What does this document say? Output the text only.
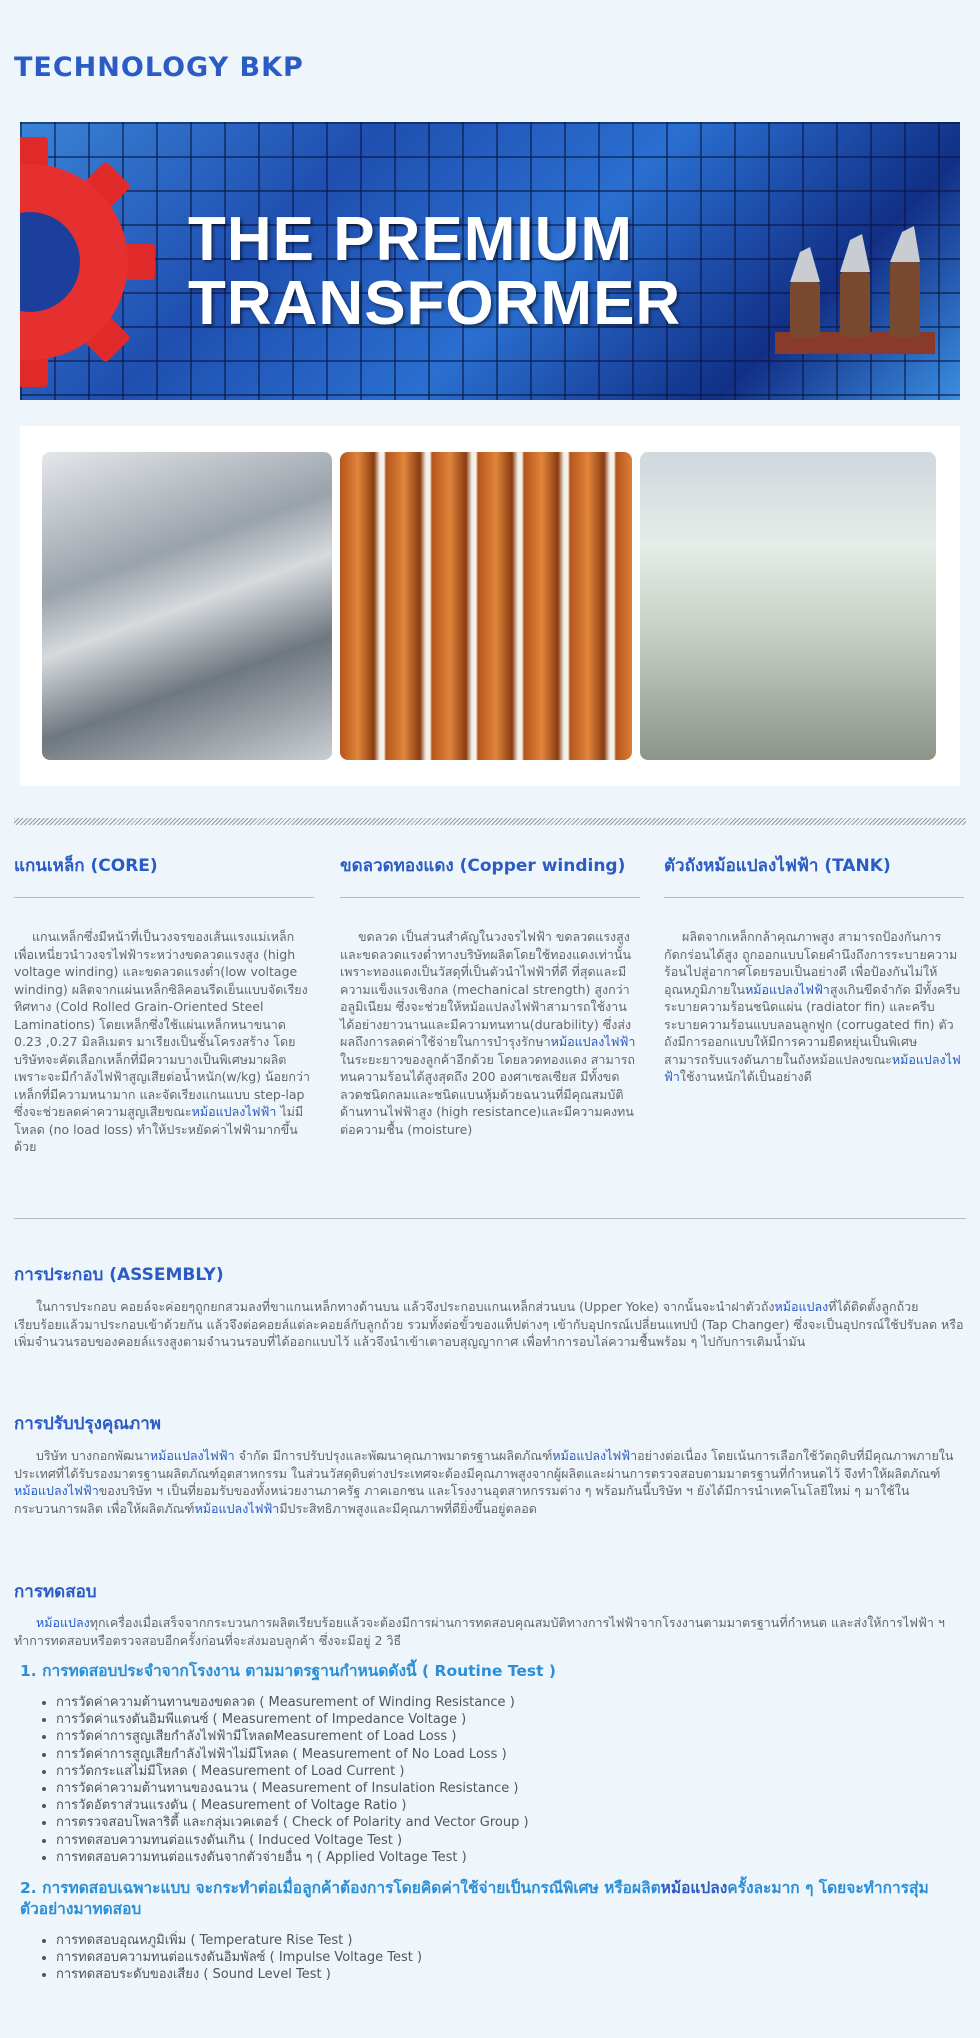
TECHNOLOGY BKP
THE PREMIUM
TRANSFORMER
แกนเหล็ก (CORE)

แกนเหล็กซึ่งมีหน้าที่เป็นวงจรของเส้นแรงแม่เหล็ก เพื่อเหนี่ยวนำวงจรไฟฟ้าระหว่างขดลวดแรงสูง (high voltage winding) และขดลวดแรงต่ำ(low voltage winding) ผลิตจากแผ่นเหล็กซิลิคอนรีดเย็นแบบจัดเรียงทิศทาง (Cold Rolled Grain-Oriented Steel Laminations) โดยเหล็กซึ่งใช้แผ่นเหล็กหนาขนาด 0.23 ,0.27 มิลลิเมตร มาเรียงเป็นชั้นโครงสร้าง โดยบริษัทจะคัดเลือกเหล็กที่มีความบางเป็นพิเศษมาผลิต เพราะจะมีกำลังไฟฟ้าสูญเสียต่อน้ำหนัก(w/kg) น้อยกว่าเหล็กที่มีความหนามาก และจัดเรียงแกนแบบ step-lap ซึ่งจะช่วยลดค่าความสูญเสียขณะหม้อแปลงไฟฟ้า ไม่มีโหลด (no load loss) ทำให้ประหยัดค่าไฟฟ้ามากขึ้นด้วย

ขดลวดทองแดง (Copper winding)

ขดลวด เป็นส่วนสำคัญในวงจรไฟฟ้า ขดลวดแรงสูงและขดลวดแรงต่ำทางบริษัทผลิตโดยใช้ทองแดงเท่านั้น เพราะทองแดงเป็นวัสดุที่เป็นตัวนำไฟฟ้าที่ดี ที่สุดและมีความแข็งแรงเชิงกล (mechanical strength) สูงกว่าอลูมิเนียม ซึ่งจะช่วยให้หม้อแปลงไฟฟ้าสามารถใช้งานได้อย่างยาวนานและมีความทนทาน(durability) ซึ่งส่งผลถึงการลดค่าใช้จ่ายในการบำรุงรักษาหม้อแปลงไฟฟ้าในระยะยาวของลูกค้าอีกด้วย โดยลวดทองแดง สามารถทนความร้อนได้สูงสุดถึง 200 องศาเซลเซียส มีทั้งขดลวดชนิดกลมและชนิดแบนหุ้มด้วยฉนวนที่มีคุณสมบัติด้านทานไฟฟ้าสูง (high resistance)และมีความคงทนต่อความชื้น (moisture)

ตัวถังหม้อแปลงไฟฟ้า (TANK)

ผลิตจากเหล็กกล้าคุณภาพสูง สามารถป้องกันการกัดกร่อนได้สูง ถูกออกแบบโดยคำนึงถึงการระบายความร้อนไปสู่อากาศโดยรอบเป็นอย่างดี เพื่อป้องกันไม่ให้อุณหภูมิภายในหม้อแปลงไฟฟ้าสูงเกินขีดจำกัด มีทั้งครีบระบายความร้อนชนิดแผ่น (radiator fin) และครีบระบายความร้อนแบบลอนลูกฟูก (corrugated fin) ตัวถังมีการออกแบบให้มีการความยืดหยุ่นเป็นพิเศษ สามารถรับแรงดันภายในถังหม้อแปลงขณะหม้อแปลงไฟฟ้าใช้งานหนักได้เป็นอย่างดี

การประกอบ (ASSEMBLY)

ในการประกอบ คอยล์จะค่อยๆถูกยกสวมลงที่ขาแกนเหล็กทางด้านบน แล้วจึงประกอบแกนเหล็กส่วนบน (Upper Yoke) จากนั้นจะนำฝาตัวถังหม้อแปลงที่ได้ติดตั้งลูกถ้วยเรียบร้อยแล้วมาประกอบเข้าด้วยกัน แล้วจึงต่อคอยล์แต่ละคอยล์กับลูกถ้วย รวมทั้งต่อขั้วของแท็ปต่างๆ เข้ากับอุปกรณ์เปลี่ยนแทปป์ (Tap Changer) ซึ่งจะเป็นอุปกรณ์ใช้ปรับลด หรือเพิ่มจำนวนรอบของคอยล์แรงสูงตามจำนวนรอบที่ได้ออกแบบไว้ แล้วจึงนำเข้าเตาอบสุญญากาศ เพื่อทำการอบไล่ความชื้นพร้อม ๆ ไปกับการเติมน้ำมัน

การปรับปรุงคุณภาพ

บริษัท บางกอกพัฒนาหม้อแปลงไฟฟ้า จำกัด มีการปรับปรุงและพัฒนาคุณภาพมาตรฐานผลิตภัณฑ์หม้อแปลงไฟฟ้าอย่างต่อเนื่อง โดยเน้นการเลือกใช้วัตถุดิบที่มีคุณภาพภายในประเทศที่ได้รับรองมาตรฐานผลิตภัณฑ์อุตสาหกรรม ในส่วนวัสดุดิบต่างประเทศจะต้องมีคุณภาพสูงจากผู้ผลิตและผ่านการตรวจสอบตามมาตรฐานที่กำหนดไว้ จึงทำให้ผลิตภัณฑ์หม้อแปลงไฟฟ้าของบริษัท ฯ เป็นที่ยอมรับของทั้งหน่วยงานภาครัฐ ภาคเอกชน และโรงงานอุตสาหกรรมต่าง ๆ พร้อมกันนี้บริษัท ฯ ยังได้มีการนำเทคโนโลยีใหม่ ๆ มาใช้ในกระบวนการผลิต เพื่อให้ผลิตภัณฑ์หม้อแปลงไฟฟ้ามีประสิทธิภาพสูงและมีคุณภาพที่ดียิ่งขึ้นอยู่ตลอด

การทดสอบ

หม้อแปลงทุกเครื่องเมื่อเสร็จจากกระบวนการผลิตเรียบร้อยแล้วจะต้องมีการผ่านการทดสอบคุณสมบัติทางการไฟฟ้าจากโรงงานตามมาตรฐานที่กำหนด และส่งให้การไฟฟ้า ฯ ทำการทดสอบหรือตรวจสอบอีกครั้งก่อนที่จะส่งมอบลูกค้า ซึ่งจะมีอยู่ 2 วิธี

1. การทดสอบประจำจากโรงงาน ตามมาตรฐานกำหนดดังนี้ ( Routine Test )
• การวัดค่าความต้านทานของขดลวด ( Measurement of Winding Resistance )
• การวัดค่าแรงดันอิมพีแดนซ์ ( Measurement of Impedance Voltage )
• การวัดค่าการสูญเสียกำลังไฟฟ้ามีโหลดMeasurement of Load Loss )
• การวัดค่าการสูญเสียกำลังไฟฟ้าไม่มีโหลด ( Measurement of No Load Loss )
• การวัดกระแสไม่มีโหลด ( Measurement of Load Current )
• การวัดค่าความต้านทานของฉนวน ( Measurement of Insulation Resistance )
• การวัดอัตราส่วนแรงดัน ( Measurement of Voltage Ratio )
• การตรวจสอบโพลาริตี้ และกลุ่มเวคเตอร์ ( Check of Polarity and Vector Group )
• การทดสอบความทนต่อแรงดันเกิน ( Induced Voltage Test )
• การทดสอบความทนต่อแรงดันจากตัวจ่ายอื่น ๆ ( Applied Voltage Test )
2. การทดสอบเฉพาะแบบ จะกระทำต่อเมื่อลูกค้าต้องการโดยคิดค่าใช้จ่ายเป็นกรณีพิเศษ หรือผลิตหม้อแปลงครั้งละมาก ๆ โดยจะทำการสุ่มตัวอย่างมาทดสอบ
• การทดสอบอุณหภูมิเพิ่ม ( Temperature Rise Test )
• การทดสอบความทนต่อแรงดันอิมพัลซ์ ( Impulse Voltage Test )
• การทดสอบระดับของเสียง ( Sound Level Test )
